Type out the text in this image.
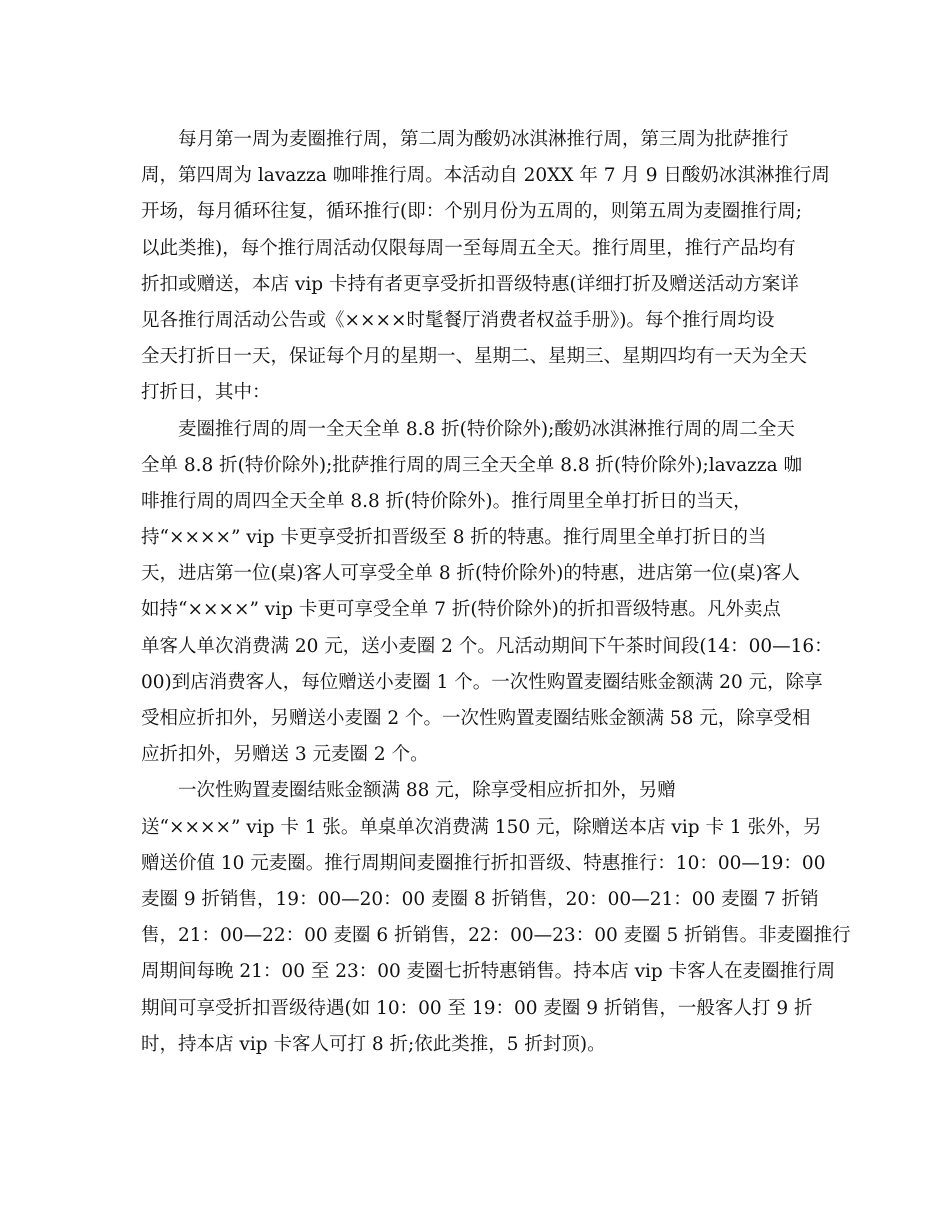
每月第一周为麦圈推行周，第二周为酸奶冰淇淋推行周，第三周为批萨推行
周，第四周为 lavazza 咖啡推行周。本活动自 20XX 年 7 月 9 日酸奶冰淇淋推行周
开场，每月循环往复，循环推行(即：个别月份为五周的，则第五周为麦圈推行周;
以此类推)，每个推行周活动仅限每周一至每周五全天。推行周里，推行产品均有
折扣或赠送，本店 vip 卡持有者更享受折扣晋级特惠(详细打折及赠送活动方案详
见各推行周活动公告或《××××时髦餐厅消费者权益手册》)。每个推行周均设
全天打折日一天，保证每个月的星期一、星期二、星期三、星期四均有一天为全天
打折日，其中：

麦圈推行周的周一全天全单 8.8 折(特价除外);酸奶冰淇淋推行周的周二全天
全单 8.8 折(特价除外);批萨推行周的周三全天全单 8.8 折(特价除外);lavazza 咖
啡推行周的周四全天全单 8.8 折(特价除外)。推行周里全单打折日的当天，
持“××××” vip 卡更享受折扣晋级至 8 折的特惠。推行周里全单打折日的当
天，进店第一位(桌)客人可享受全单 8 折(特价除外)的特惠，进店第一位(桌)客人
如持“××××” vip 卡更可享受全单 7 折(特价除外)的折扣晋级特惠。凡外卖点
单客人单次消费满 20 元，送小麦圈 2 个。凡活动期间下午茶时间段(14：00—16：
00)到店消费客人，每位赠送小麦圈 1 个。一次性购置麦圈结账金额满 20 元，除享
受相应折扣外，另赠送小麦圈 2 个。一次性购置麦圈结账金额满 58 元，除享受相
应折扣外，另赠送 3 元麦圈 2 个。

一次性购置麦圈结账金额满 88 元，除享受相应折扣外，另赠
送“××××” vip 卡 1 张。单桌单次消费满 150 元，除赠送本店 vip 卡 1 张外，另
赠送价值 10 元麦圈。推行周期间麦圈推行折扣晋级、特惠推行：10：00—19：00
麦圈 9 折销售，19：00—20：00 麦圈 8 折销售，20：00—21：00 麦圈 7 折销
售，21：00—22：00 麦圈 6 折销售，22：00—23：00 麦圈 5 折销售。非麦圈推行
周期间每晚 21：00 至 23：00 麦圈七折特惠销售。持本店 vip 卡客人在麦圈推行周
期间可享受折扣晋级待遇(如 10：00 至 19：00 麦圈 9 折销售，一般客人打 9 折
时，持本店 vip 卡客人可打 8 折;依此类推，5 折封顶)。
